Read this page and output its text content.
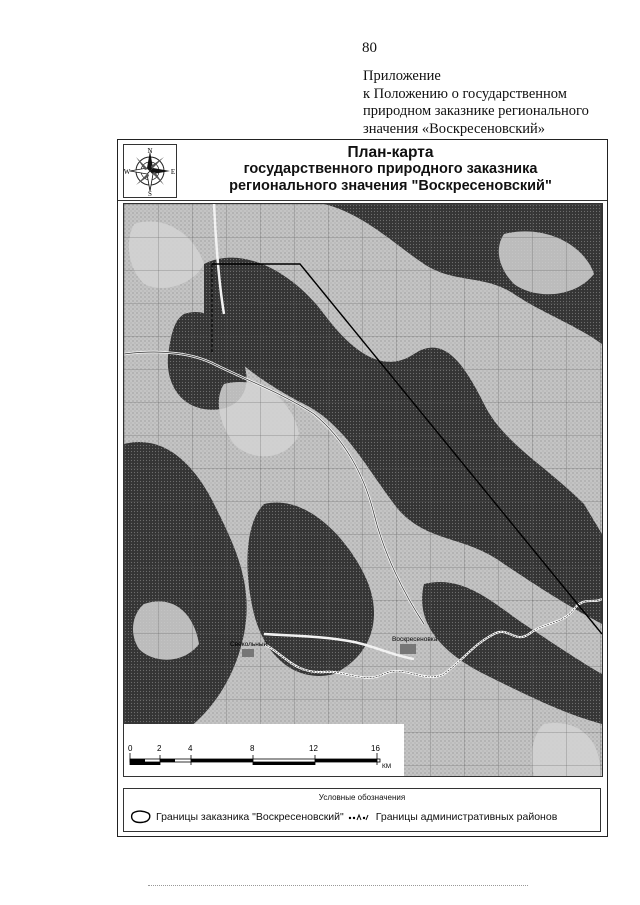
80
Приложение
к Положению о государственном
природном заказнике регионального
значения «Воскресеновский»
N
S
W	E
План-карта
государственного природного заказника
регионального значения "Воскресеновский"
Воскресеновка
Свекольный
0	2	4	8	12	16
КМ
Условные обозначения
Границы заказника "Воскресеновский"	Границы административных районов
